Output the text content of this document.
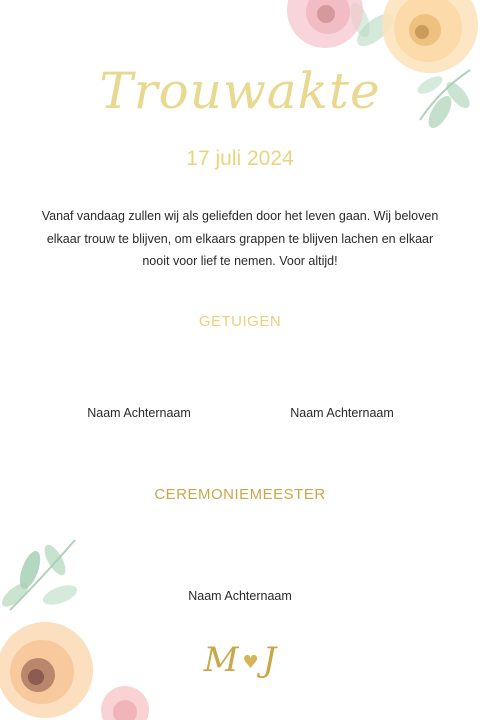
Trouwakte
17 juli 2024
Vanaf vandaag zullen wij als geliefden door het leven gaan. Wij beloven elkaar trouw te blijven, om elkaars grappen te blijven lachen en elkaar nooit voor lief te nemen. Voor altijd!
GETUIGEN
Naam Achternaam	Naam Achternaam
CEREMONIEMEESTER
Naam Achternaam
M ♥ J
